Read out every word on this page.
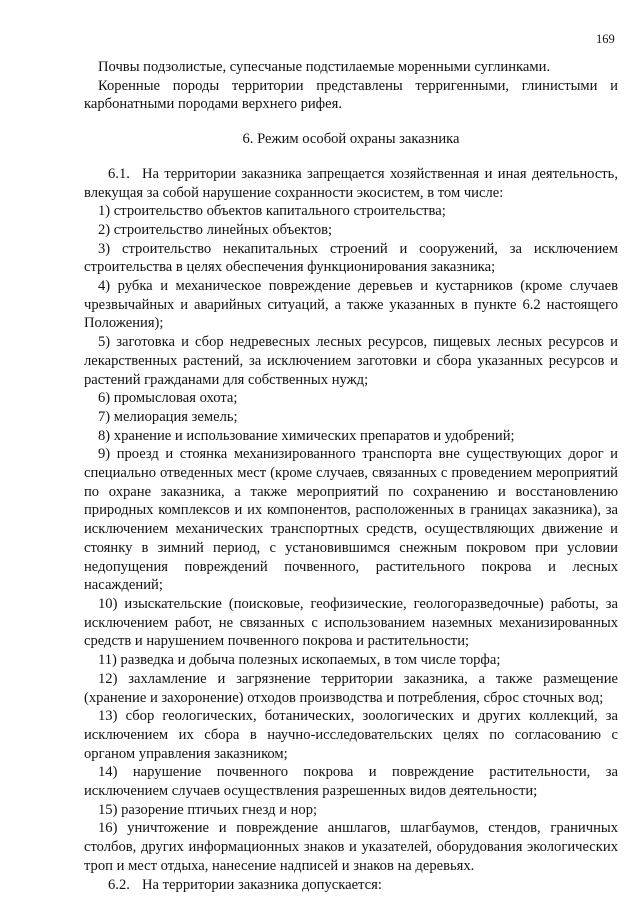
169

Почвы подзолистые, супесчаные подстилаемые моренными суглинками.

Коренные породы территории представлены терригенными, глинистыми и карбонатными породами верхнего рифея.

6. Режим особой охраны заказника

6.1. На территории заказника запрещается хозяйственная и иная деятельность, влекущая за собой нарушение сохранности экосистем, в том числе:

1) строительство объектов капитального строительства;

2) строительство линейных объектов;

3) строительство некапитальных строений и сооружений, за исключением строительства в целях обеспечения функционирования заказника;

4) рубка и механическое повреждение деревьев и кустарников (кроме случаев чрезвычайных и аварийных ситуаций, а также указанных в пункте 6.2 настоящего Положения);

5) заготовка и сбор недревесных лесных ресурсов, пищевых лесных ресурсов и лекарственных растений, за исключением заготовки и сбора указанных ресурсов и растений гражданами для собственных нужд;

6) промысловая охота;

7) мелиорация земель;

8) хранение и использование химических препаратов и удобрений;

9) проезд и стоянка механизированного транспорта вне существующих дорог и специально отведенных мест (кроме случаев, связанных с проведением мероприятий по охране заказника, а также мероприятий по сохранению и восстановлению природных комплексов и их компонентов, расположенных в границах заказника), за исключением механических транспортных средств, осуществляющих движение и стоянку в зимний период, с установившимся снежным покровом при условии недопущения повреждений почвенного, растительного покрова и лесных насаждений;

10) изыскательские (поисковые, геофизические, геологоразведочные) работы, за исключением работ, не связанных с использованием наземных механизированных средств и нарушением почвенного покрова и растительности;

11) разведка и добыча полезных ископаемых, в том числе торфа;

12) захламление и загрязнение территории заказника, а также размещение (хранение и захоронение) отходов производства и потребления, сброс сточных вод;

13) сбор геологических, ботанических, зоологических и других коллекций, за исключением их сбора в научно-исследовательских целях по согласованию с органом управления заказником;

14) нарушение почвенного покрова и повреждение растительности, за исключением случаев осуществления разрешенных видов деятельности;

15) разорение птичьих гнезд и нор;

16) уничтожение и повреждение аншлагов, шлагбаумов, стендов, граничных столбов, других информационных знаков и указателей, оборудования экологических троп и мест отдыха, нанесение надписей и знаков на деревьях.

6.2. На территории заказника допускается:
